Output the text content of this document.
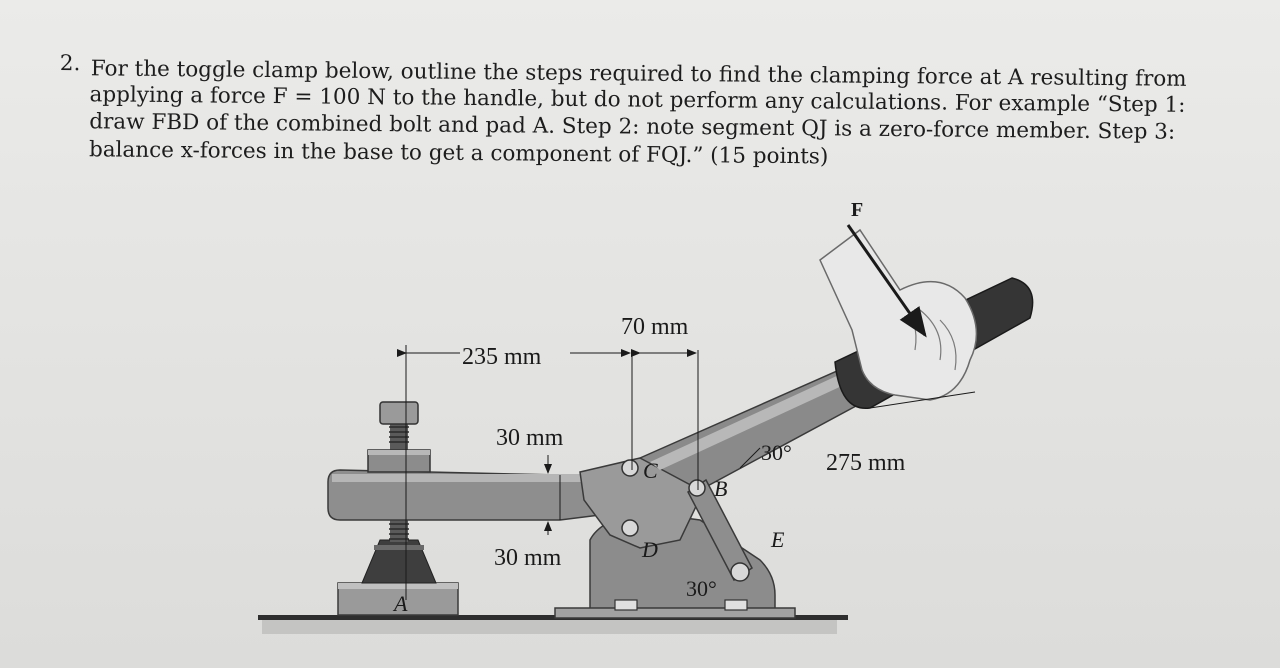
2. For the toggle clamp below, outline the steps required to find the clamping force at A resulting from
applying a force F = 100 N to the handle, but do not perform any calculations. For example “Step 1:
draw FBD of the combined bolt and pad A. Step 2: note segment QJ is a zero-force member. Step 3:
balance x-forces in the base to get a component of FQJ.” (15 points)
F
235 mm
70 mm
30 mm
30 mm
275 mm
30°
30°
A
B
C
D	E
